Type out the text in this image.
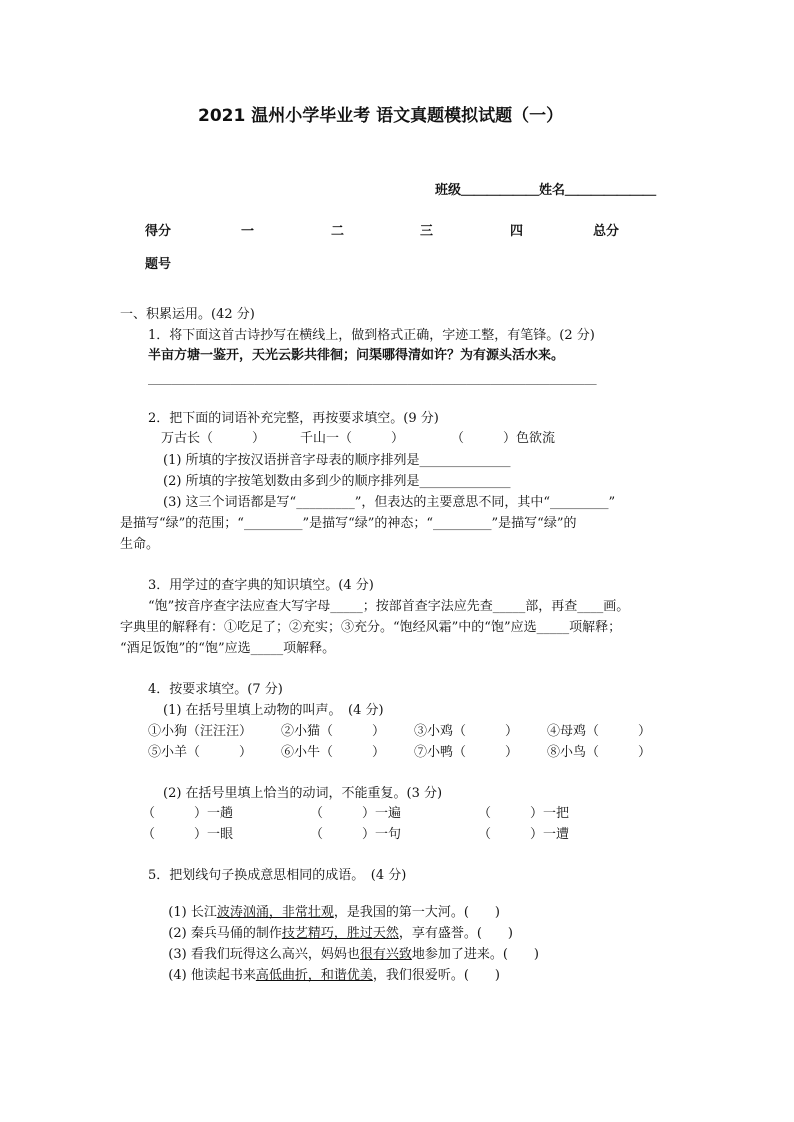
2021 温州小学毕业考 语文真题模拟试题（一）
班级＿＿＿＿＿＿姓名＿＿＿＿＿＿＿
得分	一	二	三	四	总分
题号
一、积累运用。(42 分)
1．将下面这首古诗抄写在横线上，做到格式正确，字迹工整，有笔锋。(2 分)
半亩方塘一鉴开，天光云影共徘徊；问渠哪得清如许？为有源头活水来。
＿＿＿＿＿＿＿＿＿＿＿＿＿＿＿＿＿＿＿＿＿＿＿＿＿＿＿＿＿＿＿＿＿＿＿＿＿＿
2．把下面的词语补充完整，再按要求填空。(9 分)
万古长（　　　）	千山一（　　　）	（　　　）色欲流
(1) 所填的字按汉语拼音字母表的顺序排列是______________
(2) 所填的字按笔划数由多到少的顺序排列是______________
(3) 这三个词语都是写“_________”，但表达的主要意思不同，其中“_________”
是描写“绿”的范围；“_________”是描写“绿”的神态；“_________”是描写“绿”的
生命。
3．用学过的查字典的知识填空。(4 分)
“饱”按音序查字法应查大写字母_____；按部首查字法应先查_____部，再查____画。
字典里的解释有：①吃足了；②充实；③充分。“饱经风霜”中的“饱”应选_____项解释；
“酒足饭饱”的“饱”应选_____项解释。
4．按要求填空。(7 分)
(1) 在括号里填上动物的叫声。　(4 分)
①小狗（汪汪汪） ②小猫（　　　） ③小鸡（　　　） ④母鸡（　　　）
⑤小羊（　　　） ⑥小牛（　　　） ⑦小鸭（　　　） ⑧小鸟（　　　）
(2) 在括号里填上恰当的动词，不能重复。(3 分)
（　　　）一趟	（　　　）一遍	（　　　）一把
（　　　）一眼	（　　　）一句	（　　　）一遭
5．把划线句子换成意思相同的成语。　(4 分)

(1) 长江波涛汹涌，非常壮观，是我国的第一大河。(　　)

(2) 秦兵马俑的制作技艺精巧，胜过天然，享有盛誉。(　　)

(3) 看我们玩得这么高兴，妈妈也很有兴致地参加了进来。(　　)

(4) 他读起书来高低曲折，和谐优美，我们很爱听。(　　)
